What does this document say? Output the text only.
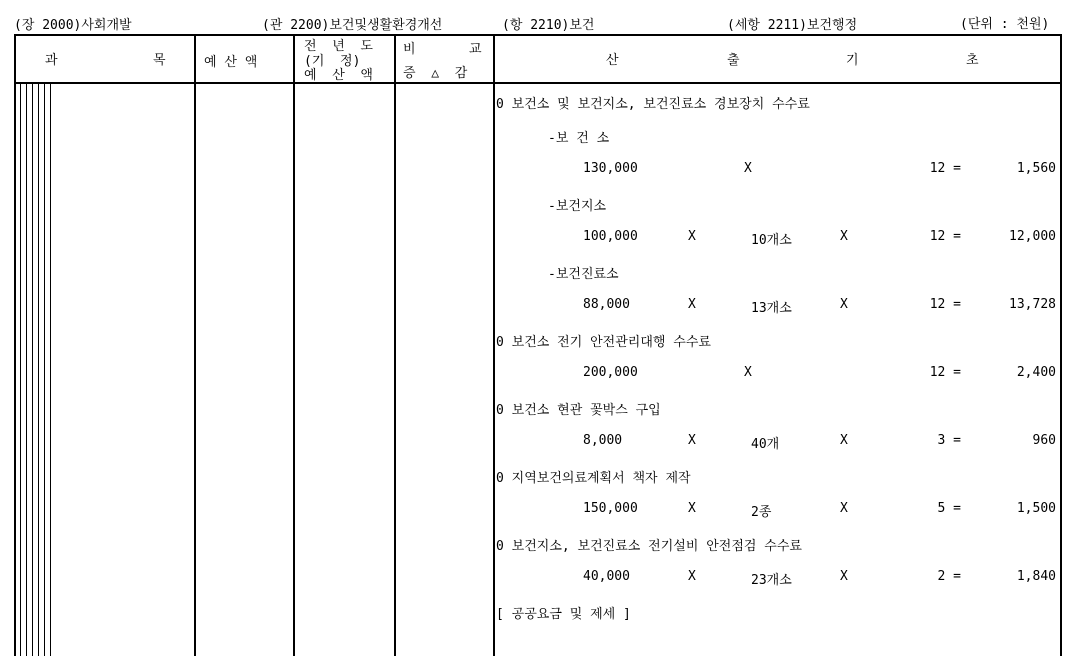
(장 2000)사회개발	(관 2200)보건및생활환경개선	(항 2210)보건	(세항 2211)보건행정	(단위 : 천원)
과	목	예 산 액
전  년  도
(기  정)
예  산  액
비	교
증  △  감
산	출	기	초
0 보건소 및 보건지소, 보건진료소 경보장치 수수료
-보 건 소
130,000	X	12 =	1,560
-보건지소
100,000	X	10개소	X	12 =	12,000
-보건진료소
88,000	X	13개소	X	12 =	13,728
0 보건소 전기 안전관리대행 수수료
200,000	X	12 =	2,400
0 보건소 현관 꽃박스 구입
8,000	X	40개	X	3 =	960
0 지역보건의료계획서 책자 제작
150,000	X	2종	X	5 =	1,500
0 보건지소, 보건진료소 전기설비 안전점검 수수료
40,000	X	23개소	X	2 =	1,840
[ 공공요금 및 제세 ]
